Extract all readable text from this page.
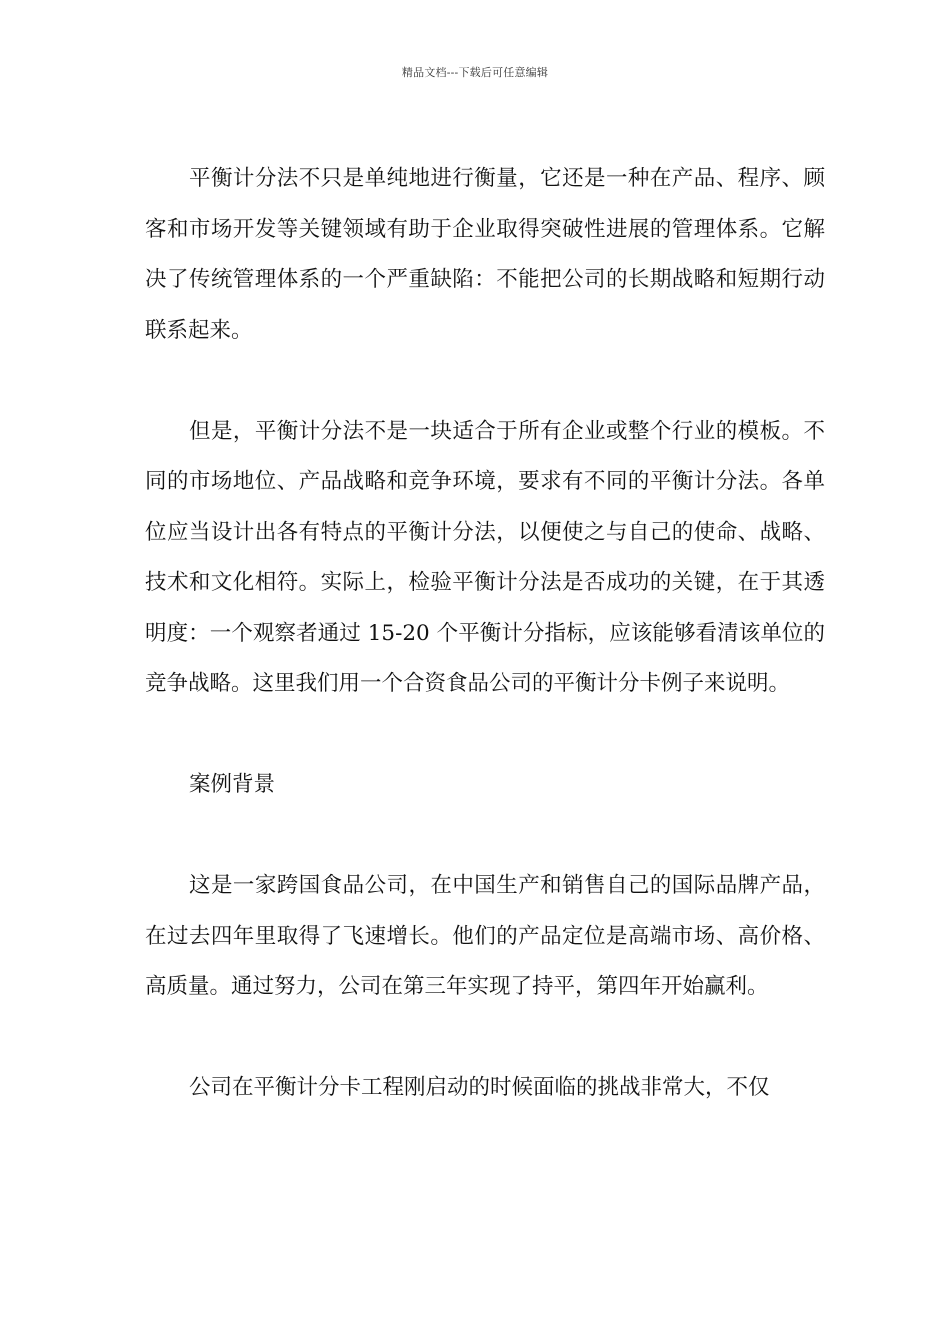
精品文档---下载后可任意编辑

平衡计分法不只是单纯地进行衡量，它还是一种在产品、程序、顾客和市场开发等关键领域有助于企业取得突破性进展的管理体系。它解决了传统管理体系的一个严重缺陷：不能把公司的长期战略和短期行动联系起来。

但是，平衡计分法不是一块适合于所有企业或整个行业的模板。不同的市场地位、产品战略和竞争环境，要求有不同的平衡计分法。各单位应当设计出各有特点的平衡计分法，以便使之与自己的使命、战略、技术和文化相符。实际上，检验平衡计分法是否成功的关键，在于其透明度：一个观察者通过 15-20 个平衡计分指标，应该能够看清该单位的竞争战略。这里我们用一个合资食品公司的平衡计分卡例子来说明。

案例背景

这是一家跨国食品公司，在中国生产和销售自己的国际品牌产品，在过去四年里取得了飞速增长。他们的产品定位是高端市场、高价格、高质量。通过努力，公司在第三年实现了持平，第四年开始赢利。

公司在平衡计分卡工程刚启动的时候面临的挑战非常大，不仅
